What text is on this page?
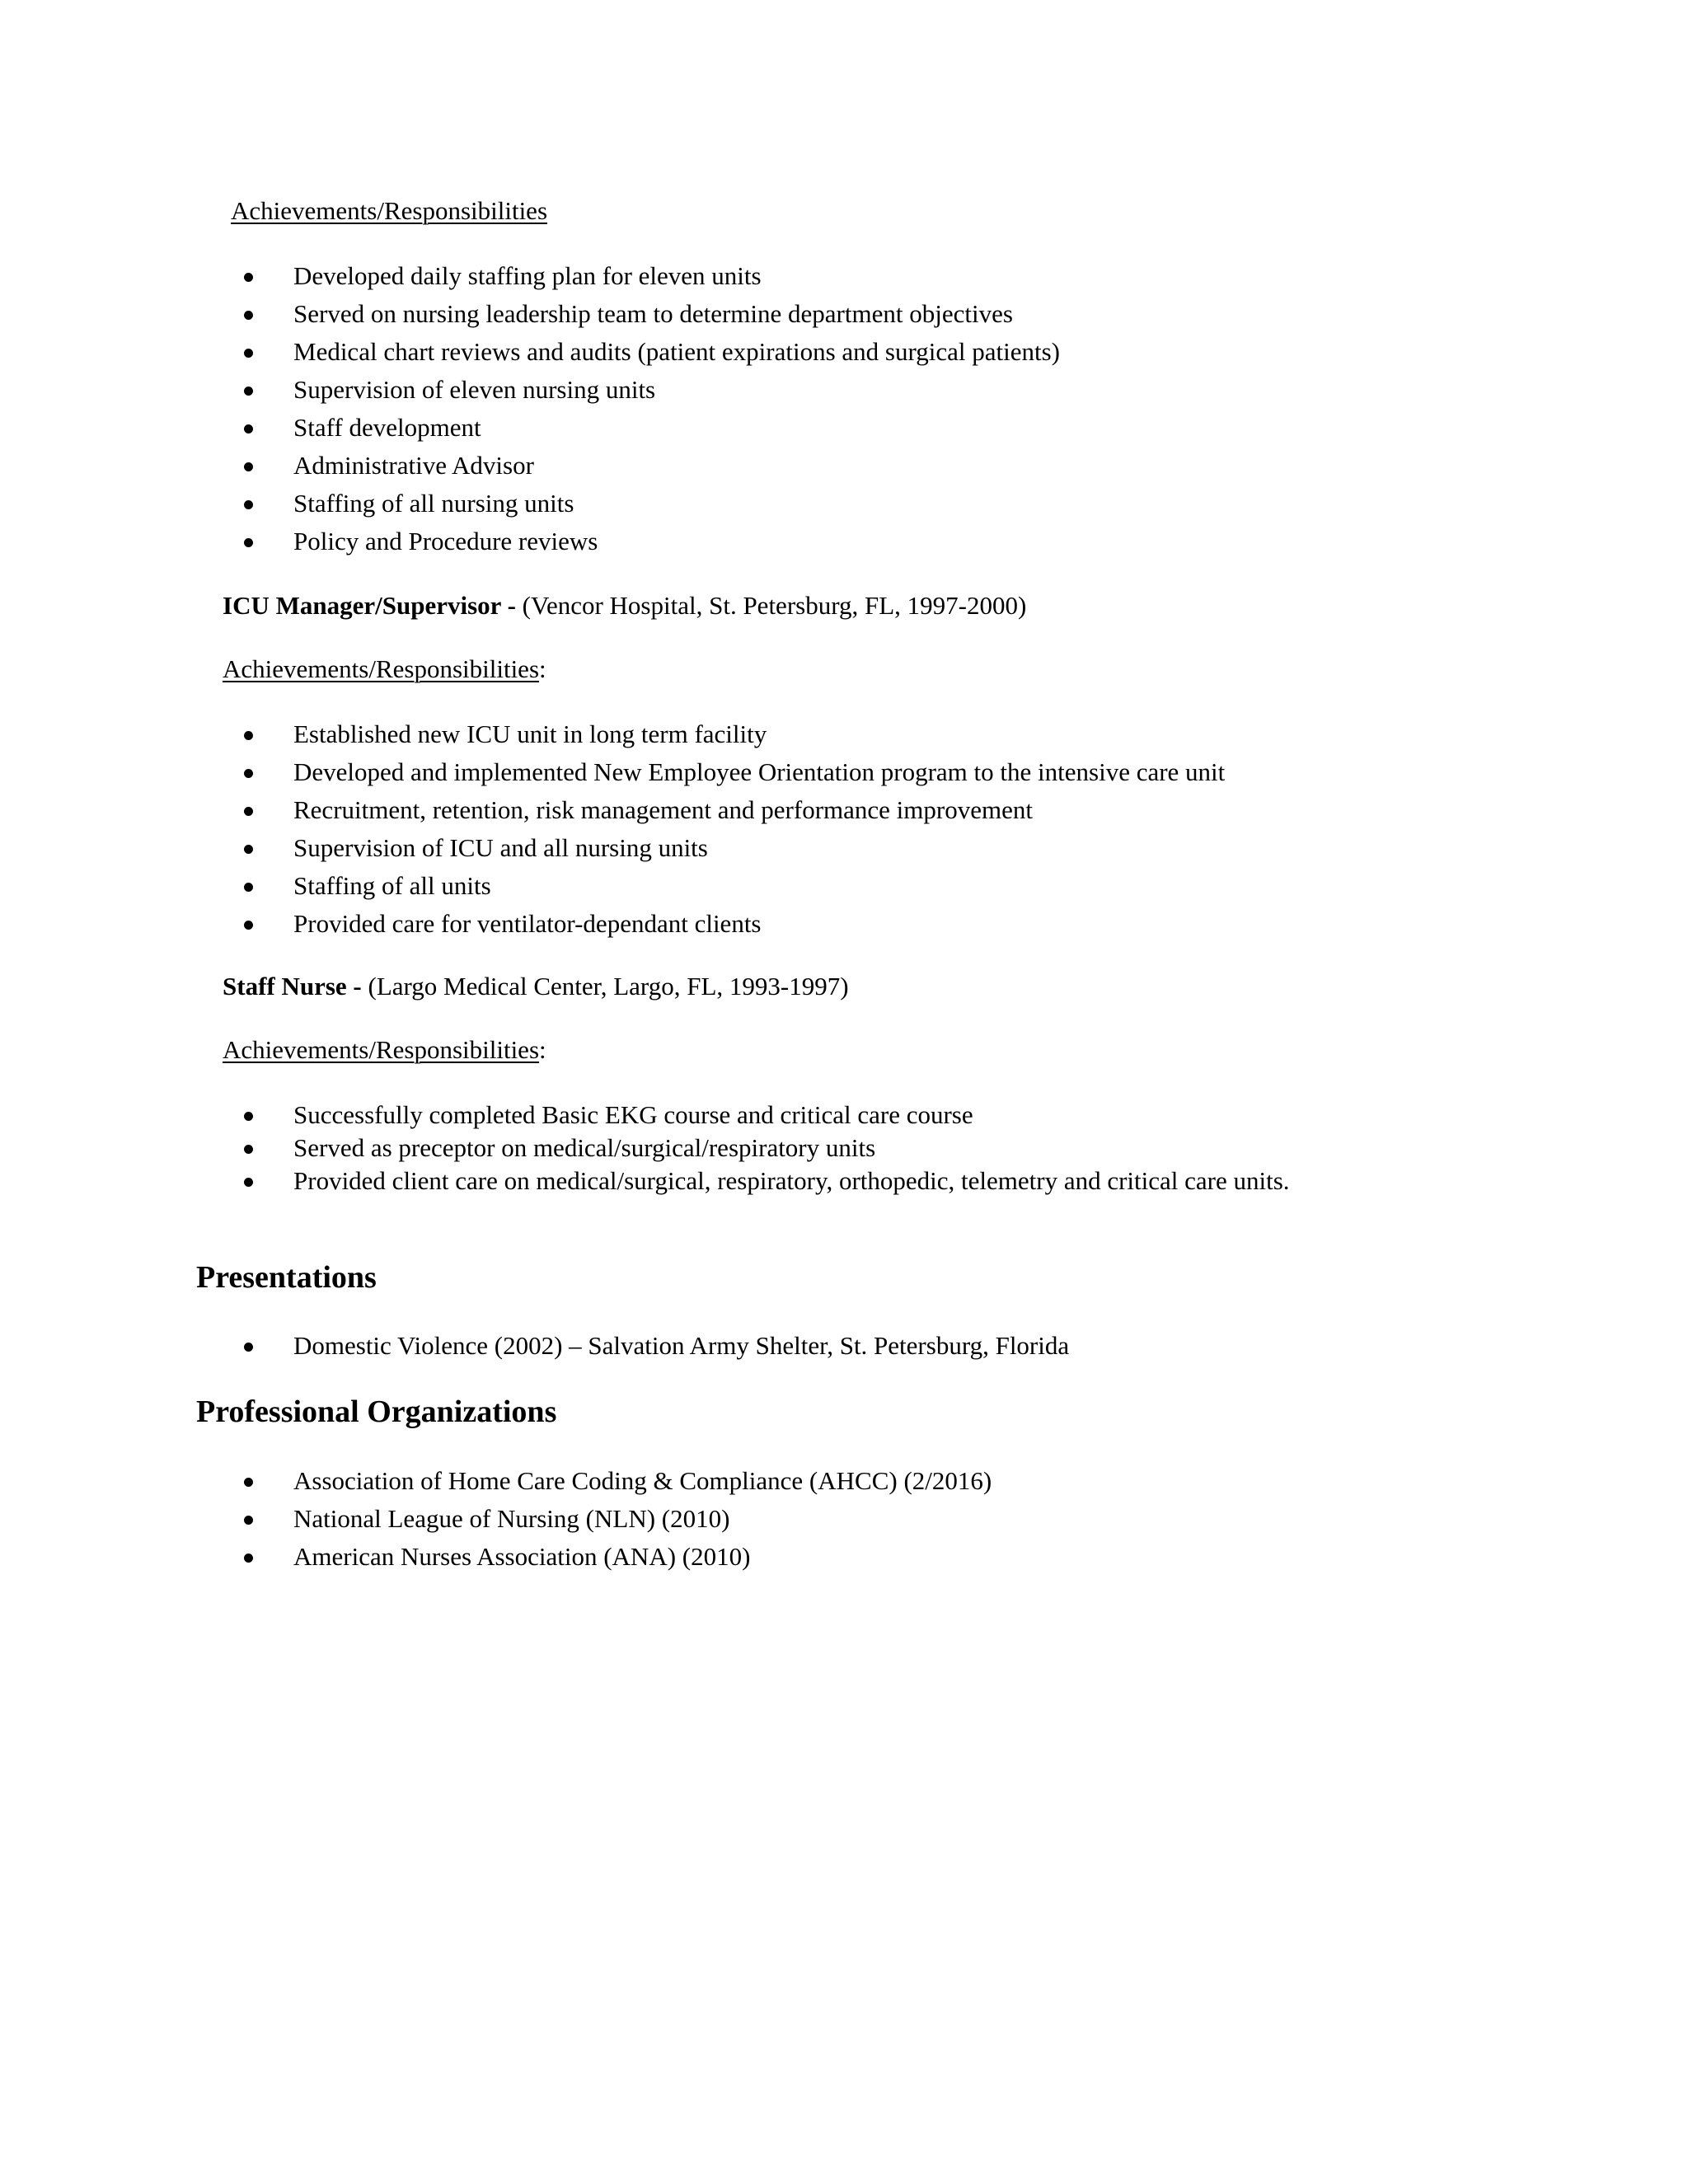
Achievements/Responsibilities
Developed daily staffing plan for eleven units
Served on nursing leadership team to determine department objectives
Medical chart reviews and audits (patient expirations and surgical patients)
Supervision of eleven nursing units
Staff development
Administrative Advisor
Staffing of all nursing units
Policy and Procedure reviews
ICU Manager/Supervisor - (Vencor Hospital, St. Petersburg, FL, 1997-2000)
Achievements/Responsibilities:
Established new ICU unit in long term facility
Developed and implemented New Employee Orientation program to the intensive care unit
Recruitment, retention, risk management and performance improvement
Supervision of ICU and all nursing units
Staffing of all units
Provided care for ventilator-dependant clients
Staff Nurse - (Largo Medical Center, Largo, FL, 1993-1997)
Achievements/Responsibilities:
Successfully completed Basic EKG course and critical care course
Served as preceptor on medical/surgical/respiratory units
Provided client care on medical/surgical, respiratory, orthopedic, telemetry and critical care units.
Presentations
Domestic Violence (2002) – Salvation Army Shelter, St. Petersburg, Florida
Professional Organizations
Association of Home Care Coding & Compliance (AHCC) (2/2016)
National League of Nursing (NLN) (2010)
American Nurses Association (ANA) (2010)
